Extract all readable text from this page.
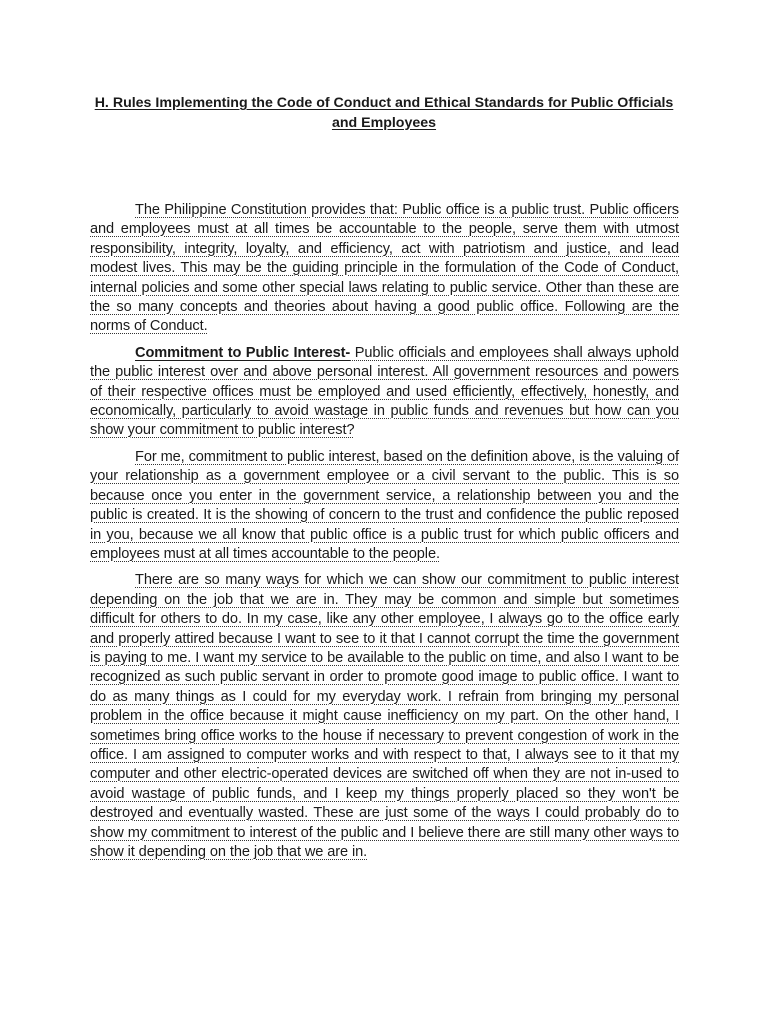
H. Rules Implementing the Code of Conduct and Ethical Standards for Public Officials and Employees

The Philippine Constitution provides that: Public office is a public trust. Public officers and employees must at all times be accountable to the people, serve them with utmost responsibility, integrity, loyalty, and efficiency, act with patriotism and justice, and lead modest lives. This may be the guiding principle in the formulation of the Code of Conduct, internal policies and some other special laws relating to public service. Other than these are the so many concepts and theories about having a good public office. Following are the norms of Conduct.

Commitment to Public Interest- Public officials and employees shall always uphold the public interest over and above personal interest. All government resources and powers of their respective offices must be employed and used efficiently, effectively, honestly, and economically, particularly to avoid wastage in public funds and revenues but how can you show your commitment to public interest?

For me, commitment to public interest, based on the definition above, is the valuing of your relationship as a government employee or a civil servant to the public. This is so because once you enter in the government service, a relationship between you and the public is created. It is the showing of concern to the trust and confidence the public reposed in you, because we all know that public office is a public trust for which public officers and employees must at all times accountable to the people.

There are so many ways for which we can show our commitment to public interest depending on the job that we are in. They may be common and simple but sometimes difficult for others to do. In my case, like any other employee, I always go to the office early and properly attired because I want to see to it that I cannot corrupt the time the government is paying to me. I want my service to be available to the public on time, and also I want to be recognized as such public servant in order to promote good image to public office. I want to do as many things as I could for my everyday work. I refrain from bringing my personal problem in the office because it might cause inefficiency on my part. On the other hand, I sometimes bring office works to the house if necessary to prevent congestion of work in the office. I am assigned to computer works and with respect to that, I always see to it that my computer and other electric-operated devices are switched off when they are not in-used to avoid wastage of public funds, and I keep my things properly placed so they won't be destroyed and eventually wasted. These are just some of the ways I could probably do to show my commitment to interest of the public and I believe there are still many other ways to show it depending on the job that we are in.
